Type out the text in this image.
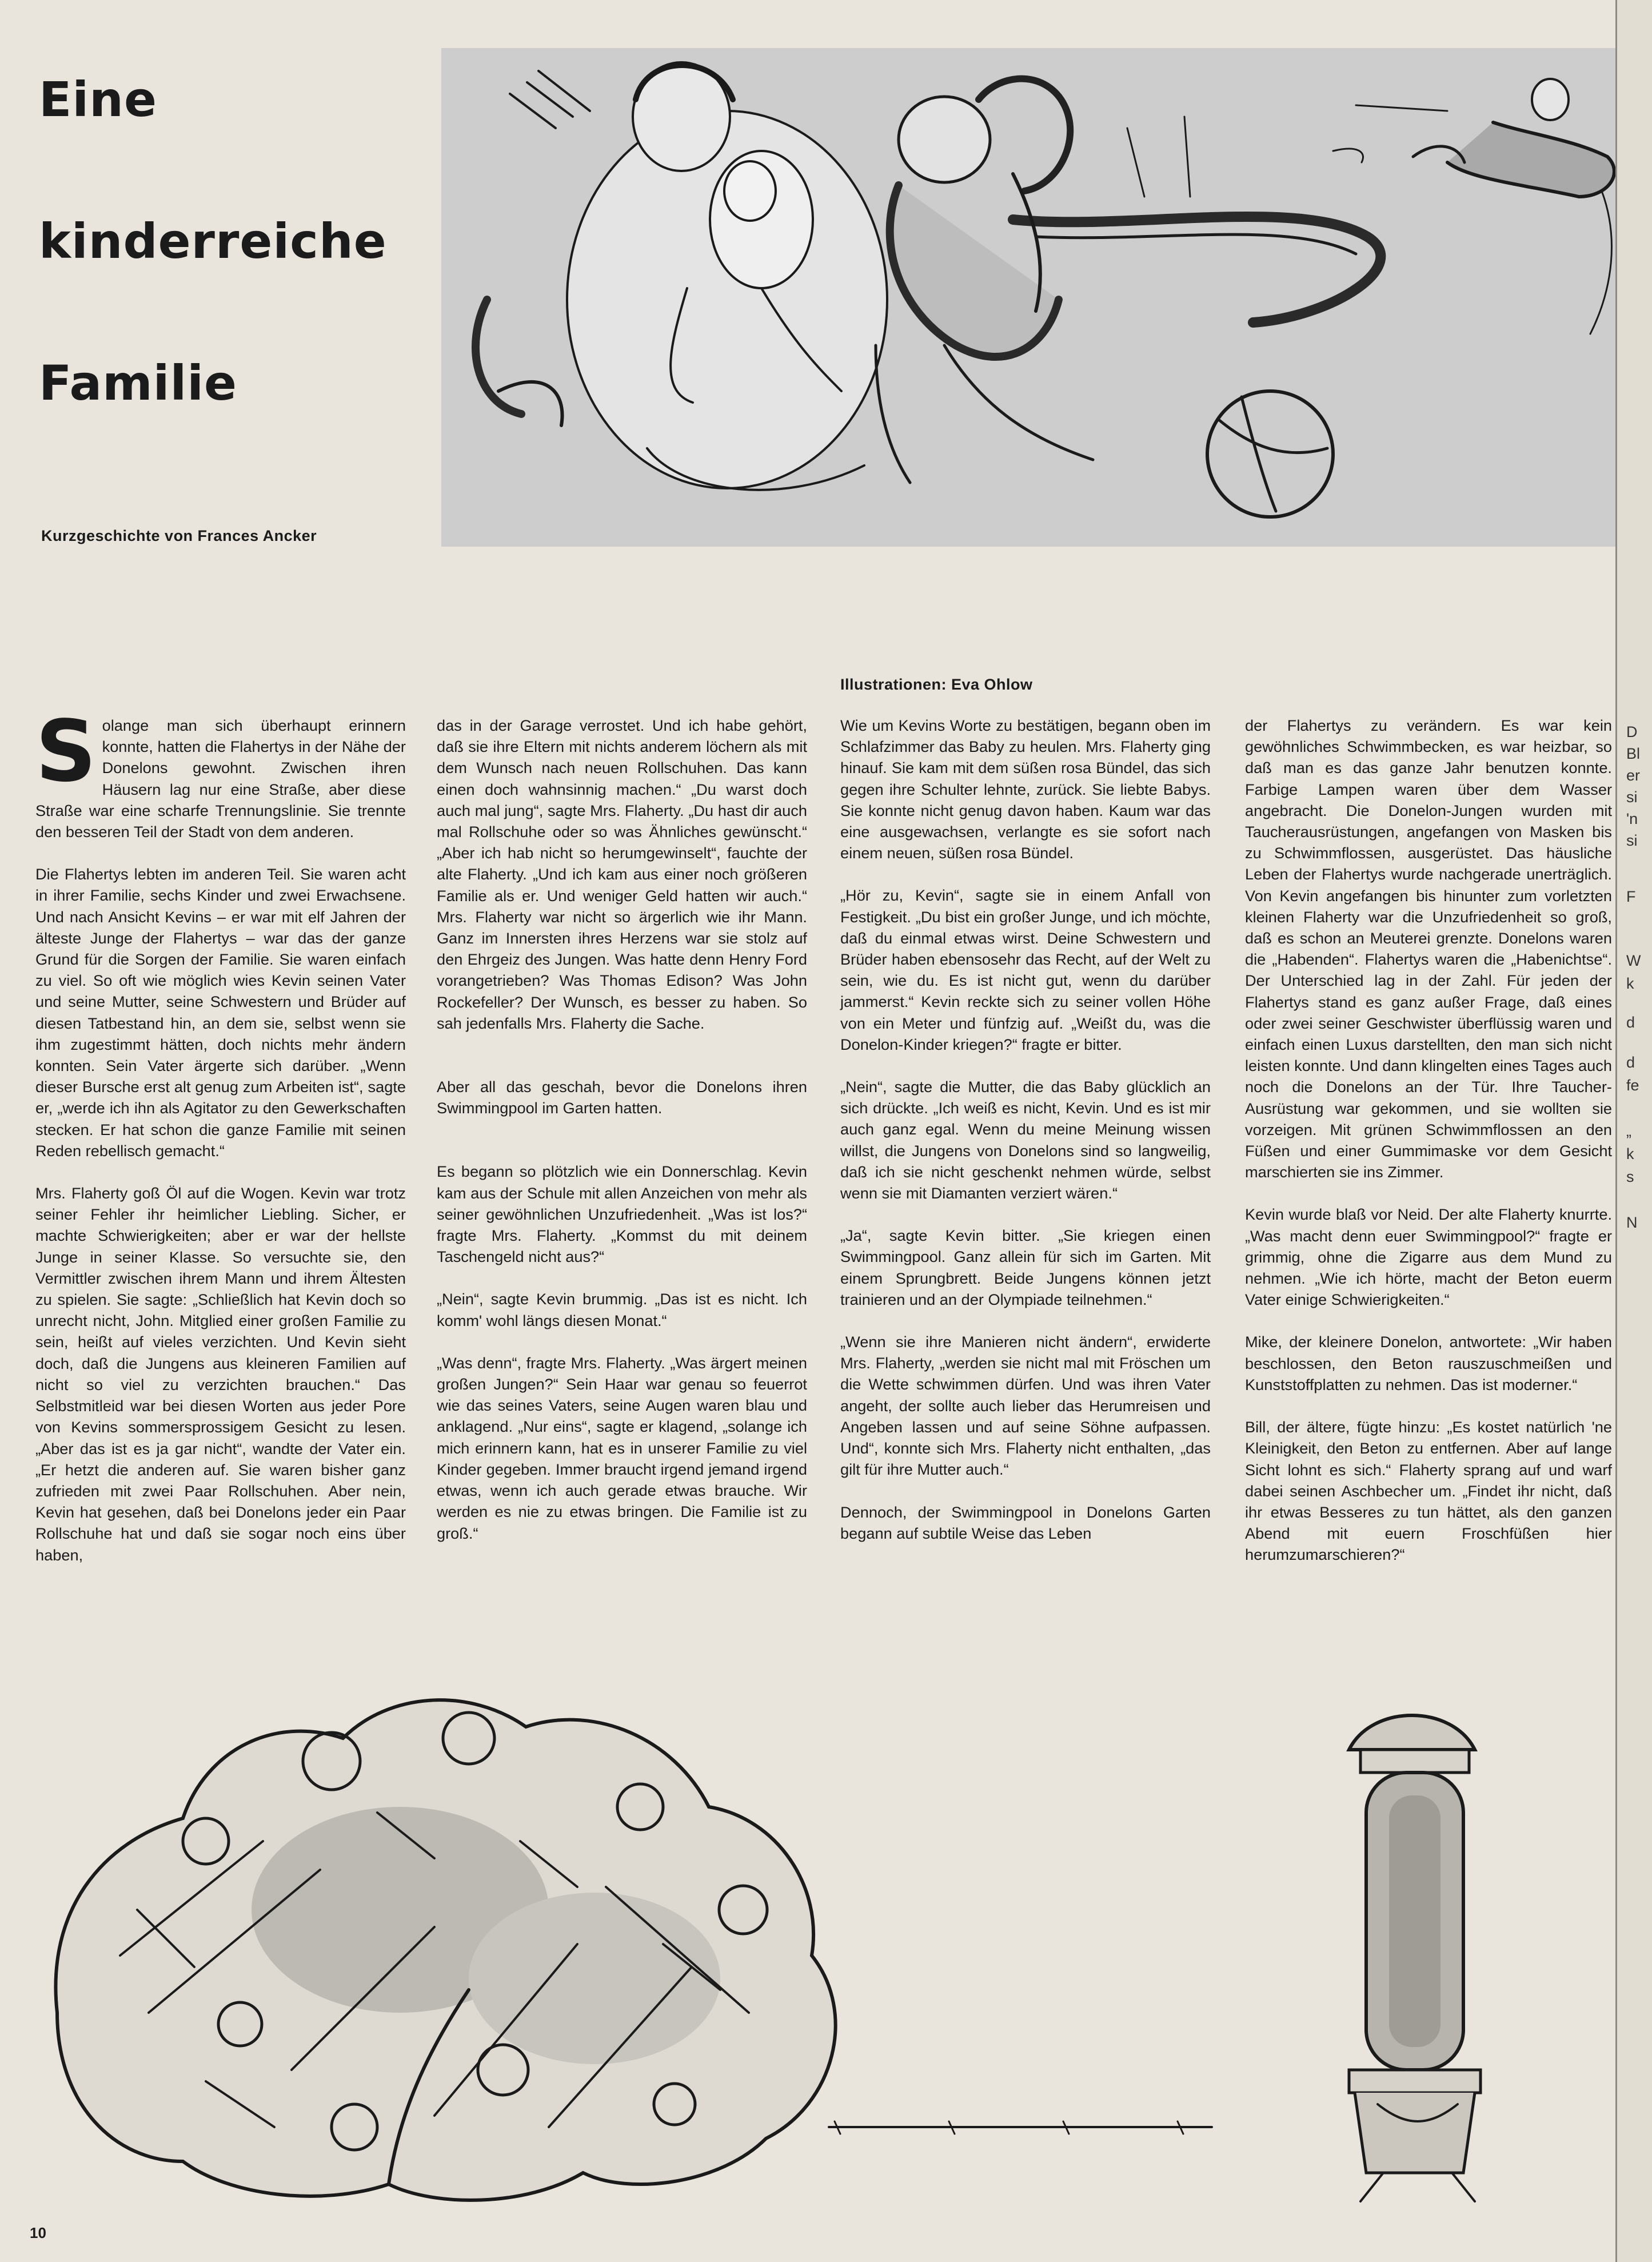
Eine
kinderreiche
Familie
Kurzgeschichte von Frances Ancker
Illustrationen: Eva Ohlow

Solange man sich überhaupt erinnern konnte, hatten die Flahertys in der Nähe der Donelons gewohnt. Zwischen ihren Häusern lag nur eine Straße, aber diese Straße war eine scharfe Trennungslinie. Sie trennte den besseren Teil der Stadt von dem anderen.

Die Flahertys lebten im anderen Teil. Sie waren acht in ihrer Familie, sechs Kinder und zwei Erwachsene. Und nach Ansicht Kevins – er war mit elf Jahren der älteste Junge der Flahertys – war das der ganze Grund für die Sorgen der Familie. Sie waren einfach zu viel. So oft wie möglich wies Kevin seinen Vater und seine Mutter, seine Schwestern und Brüder auf diesen Tatbestand hin, an dem sie, selbst wenn sie ihm zugestimmt hätten, doch nichts mehr ändern konnten. Sein Vater ärgerte sich darüber. „Wenn dieser Bursche erst alt genug zum Arbeiten ist“, sagte er, „werde ich ihn als Agitator zu den Gewerkschaften stecken. Er hat schon die ganze Familie mit seinen Reden rebellisch gemacht.“

Mrs. Flaherty goß Öl auf die Wogen. Kevin war trotz seiner Fehler ihr heimlicher Liebling. Sicher, er machte Schwierigkeiten; aber er war der hellste Junge in seiner Klasse. So versuchte sie, den Vermittler zwischen ihrem Mann und ihrem Ältesten zu spielen. Sie sagte: „Schließlich hat Kevin doch so unrecht nicht, John. Mitglied einer großen Familie zu sein, heißt auf vieles verzichten. Und Kevin sieht doch, daß die Jungens aus kleineren Familien auf nicht so viel zu verzichten brauchen.“ Das Selbstmitleid war bei diesen Worten aus jeder Pore von Kevins sommersprossigem Gesicht zu lesen. „Aber das ist es ja gar nicht“, wandte der Vater ein. „Er hetzt die anderen auf. Sie waren bisher ganz zufrieden mit zwei Paar Rollschuhen. Aber nein, Kevin hat gesehen, daß bei Donelons jeder ein Paar Rollschuhe hat und daß sie sogar noch eins über haben,

das in der Garage verrostet. Und ich habe gehört, daß sie ihre Eltern mit nichts anderem löchern als mit dem Wunsch nach neuen Rollschuhen. Das kann einen doch wahnsinnig machen.“ „Du warst doch auch mal jung“, sagte Mrs. Flaherty. „Du hast dir auch mal Rollschuhe oder so was Ähnliches gewünscht.“ „Aber ich hab nicht so herumgewinselt“, fauchte der alte Flaherty. „Und ich kam aus einer noch größeren Familie als er. Und weniger Geld hatten wir auch.“ Mrs. Flaherty war nicht so ärgerlich wie ihr Mann. Ganz im Innersten ihres Herzens war sie stolz auf den Ehrgeiz des Jungen. Was hatte denn Henry Ford vorangetrieben? Was Thomas Edison? Was John Rockefeller? Der Wunsch, es besser zu haben. So sah jedenfalls Mrs. Flaherty die Sache.

Aber all das geschah, bevor die Donelons ihren Swimmingpool im Garten hatten.

Es begann so plötzlich wie ein Donnerschlag. Kevin kam aus der Schule mit allen Anzeichen von mehr als seiner gewöhnlichen Unzufriedenheit. „Was ist los?“ fragte Mrs. Flaherty. „Kommst du mit deinem Taschengeld nicht aus?“

„Nein“, sagte Kevin brummig. „Das ist es nicht. Ich komm' wohl längs diesen Monat.“

„Was denn“, fragte Mrs. Flaherty. „Was ärgert meinen großen Jungen?“ Sein Haar war genau so feuerrot wie das seines Vaters, seine Augen waren blau und anklagend. „Nur eins“, sagte er klagend, „solange ich mich erinnern kann, hat es in unserer Familie zu viel Kinder gegeben. Immer braucht irgend jemand irgend etwas, wenn ich auch gerade etwas brauche. Wir werden es nie zu etwas bringen. Die Familie ist zu groß.“

Wie um Kevins Worte zu bestätigen, begann oben im Schlafzimmer das Baby zu heulen. Mrs. Flaherty ging hinauf. Sie kam mit dem süßen rosa Bündel, das sich gegen ihre Schulter lehnte, zurück. Sie liebte Babys. Sie konnte nicht genug davon haben. Kaum war das eine ausgewachsen, verlangte es sie sofort nach einem neuen, süßen rosa Bündel.

„Hör zu, Kevin“, sagte sie in einem Anfall von Festigkeit. „Du bist ein großer Junge, und ich möchte, daß du einmal etwas wirst. Deine Schwestern und Brüder haben ebensosehr das Recht, auf der Welt zu sein, wie du. Es ist nicht gut, wenn du darüber jammerst.“ Kevin reckte sich zu seiner vollen Höhe von ein Meter und fünfzig auf. „Weißt du, was die Donelon-Kinder kriegen?“ fragte er bitter.

„Nein“, sagte die Mutter, die das Baby glücklich an sich drückte. „Ich weiß es nicht, Kevin. Und es ist mir auch ganz egal. Wenn du meine Meinung wissen willst, die Jungens von Donelons sind so langweilig, daß ich sie nicht geschenkt nehmen würde, selbst wenn sie mit Diamanten verziert wären.“

„Ja“, sagte Kevin bitter. „Sie kriegen einen Swimmingpool. Ganz allein für sich im Garten. Mit einem Sprungbrett. Beide Jungens können jetzt trainieren und an der Olympiade teilnehmen.“

„Wenn sie ihre Manieren nicht ändern“, erwiderte Mrs. Flaherty, „werden sie nicht mal mit Fröschen um die Wette schwimmen dürfen. Und was ihren Vater angeht, der sollte auch lieber das Herumreisen und Angeben lassen und auf seine Söhne aufpassen. Und“, konnte sich Mrs. Flaherty nicht enthalten, „das gilt für ihre Mutter auch.“

Dennoch, der Swimmingpool in Donelons Garten begann auf subtile Weise das Leben

der Flahertys zu verändern. Es war kein gewöhnliches Schwimmbecken, es war heizbar, so daß man es das ganze Jahr benutzen konnte. Farbige Lampen waren über dem Wasser angebracht. Die Donelon-Jungen wurden mit Taucherausrüstungen, angefangen von Masken bis zu Schwimmflossen, ausgerüstet. Das häusliche Leben der Flahertys wurde nachgerade unerträglich. Von Kevin angefangen bis hinunter zum vorletzten kleinen Flaherty war die Unzufriedenheit so groß, daß es schon an Meuterei grenzte. Donelons waren die „Habenden“. Flahertys waren die „Habenichtse“. Der Unterschied lag in der Zahl. Für jeden der Flahertys stand es ganz außer Frage, daß eines oder zwei seiner Geschwister überflüssig waren und einfach einen Luxus darstellten, den man sich nicht leisten konnte. Und dann klingelten eines Tages auch noch die Donelons an der Tür. Ihre Taucher-Ausrüstung war gekommen, und sie wollten sie vorzeigen. Mit grünen Schwimmflossen an den Füßen und einer Gummimaske vor dem Gesicht marschierten sie ins Zimmer.

Kevin wurde blaß vor Neid. Der alte Flaherty knurrte. „Was macht denn euer Swimmingpool?“ fragte er grimmig, ohne die Zigarre aus dem Mund zu nehmen. „Wie ich hörte, macht der Beton euerm Vater einige Schwierigkeiten.“

Mike, der kleinere Donelon, antwortete: „Wir haben beschlossen, den Beton rauszuschmeißen und Kunststoffplatten zu nehmen. Das ist moderner.“

Bill, der ältere, fügte hinzu: „Es kostet natürlich 'ne Kleinigkeit, den Beton zu entfernen. Aber auf lange Sicht lohnt es sich.“ Flaherty sprang auf und warf dabei seinen Aschbecher um. „Findet ihr nicht, daß ihr etwas Besseres zu tun hättet, als den ganzen Abend mit euern Froschfüßen hier herumzumarschieren?“

10
D
Bl
er
si
'n
si
F
W
k
d
d
fe
„
k
s
N
